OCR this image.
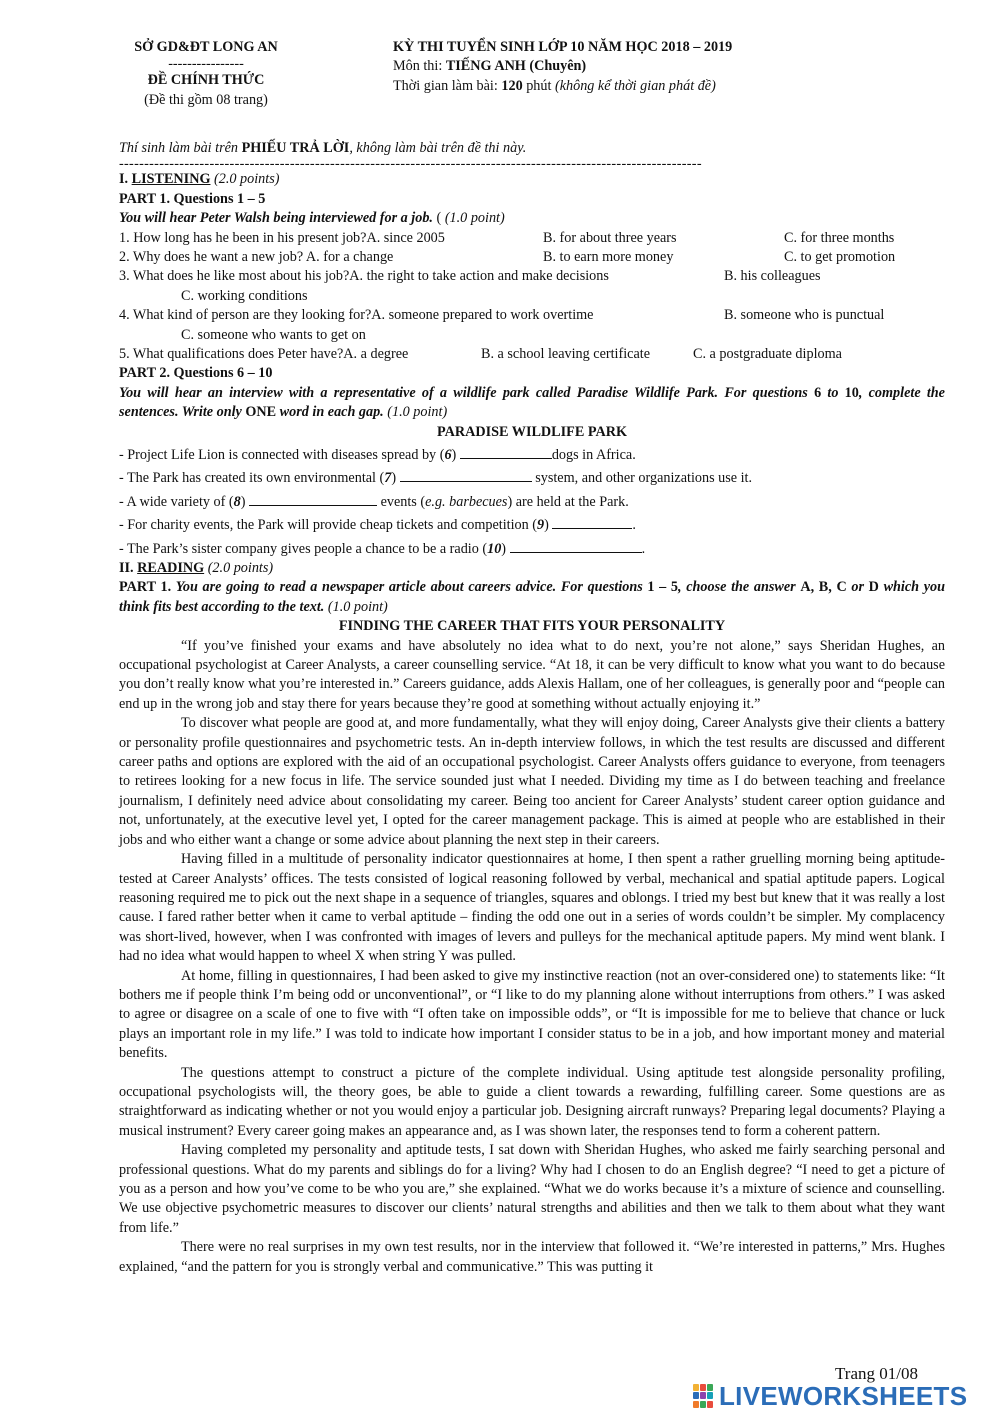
SỞ GD&ĐT LONG AN
----------------
ĐỀ CHÍNH THỨC
(Đề thi gồm 08 trang)
KỲ THI TUYỂN SINH LỚP 10 NĂM HỌC 2018 – 2019
Môn thi: TIẾNG ANH (Chuyên)
Thời gian làm bài: 120 phút (không kể thời gian phát đề)
Thí sinh làm bài trên PHIẾU TRẢ LỜI, không làm bài trên đề thi này.
--------------------------------------------------------------------------------------------------------------------
I. LISTENING (2.0 points)
PART 1. Questions 1 – 5
You will hear Peter Walsh being interviewed for a job. ( (1.0 point)
1. How long has he been in his present job?A. since 2005	B. for about three years	C. for three months
2. Why does he want a new job? A. for a change	B. to earn more money	C. to get promotion
3. What does he like most about his job?A. the right to take action and make decisions	B. his colleagues
C. working conditions
4. What kind of person are they looking for?A. someone prepared to work overtime	B. someone who is punctual
C. someone who wants to get on
5. What qualifications does Peter have?A. a degree	B. a school leaving certificate	C. a postgraduate diploma
PART 2. Questions 6 – 10
You will hear an interview with a representative of a wildlife park called Paradise Wildlife Park. For questions 6 to 10, complete the sentences. Write only ONE word in each gap. (1.0 point)
PARADISE WILDLIFE PARK
- Project Life Lion is connected with diseases spread by (6)	dogs in Africa.
- The Park has created its own environmental (7)	system, and other organizations use it.
- A wide variety of (8)	events (e.g. barbecues) are held at the Park.
- For charity events, the Park will provide cheap tickets and competition (9)	.
- The Park’s sister company gives people a chance to be a radio (10)	.
II. READING (2.0 points)
PART 1. You are going to read a newspaper article about careers advice. For questions 1 – 5, choose the answer A, B, C or D which you think fits best according to the text. (1.0 point)
FINDING THE CAREER THAT FITS YOUR PERSONALITY

“If you’ve finished your exams and have absolutely no idea what to do next, you’re not alone,” says Sheridan Hughes, an occupational psychologist at Career Analysts, a career counselling service. “At 18, it can be very difficult to know what you want to do because you don’t really know what you’re interested in.” Careers guidance, adds Alexis Hallam, one of her colleagues, is generally poor and “people can end up in the wrong job and stay there for years because they’re good at something without actually enjoying it.”

To discover what people are good at, and more fundamentally, what they will enjoy doing, Career Analysts give their clients a battery or personality profile questionnaires and psychometric tests. An in-depth interview follows, in which the test results are discussed and different career paths and options are explored with the aid of an occupational psychologist. Career Analysts offers guidance to everyone, from teenagers to retirees looking for a new focus in life. The service sounded just what I needed. Dividing my time as I do between teaching and freelance journalism, I definitely need advice about consolidating my career. Being too ancient for Career Analysts’ student career option guidance and not, unfortunately, at the executive level yet, I opted for the career management package. This is aimed at people who are established in their jobs and who either want a change or some advice about planning the next step in their careers.

Having filled in a multitude of personality indicator questionnaires at home, I then spent a rather gruelling morning being aptitude-tested at Career Analysts’ offices. The tests consisted of logical reasoning followed by verbal, mechanical and spatial aptitude papers. Logical reasoning required me to pick out the next shape in a sequence of triangles, squares and oblongs. I tried my best but knew that it was really a lost cause. I fared rather better when it came to verbal aptitude – finding the odd one out in a series of words couldn’t be simpler. My complacency was short-lived, however, when I was confronted with images of levers and pulleys for the mechanical aptitude papers. My mind went blank. I had no idea what would happen to wheel X when string Y was pulled.

At home, filling in questionnaires, I had been asked to give my instinctive reaction (not an over-considered one) to statements like: “It bothers me if people think I’m being odd or unconventional”, or “I like to do my planning alone without interruptions from others.” I was asked to agree or disagree on a scale of one to five with “I often take on impossible odds”, or “It is impossible for me to believe that chance or luck plays an important role in my life.” I was told to indicate how important I consider status to be in a job, and how important money and material benefits.

The questions attempt to construct a picture of the complete individual. Using aptitude test alongside personality profiling, occupational psychologists will, the theory goes, be able to guide a client towards a rewarding, fulfilling career. Some questions are as straightforward as indicating whether or not you would enjoy a particular job. Designing aircraft runways? Preparing legal documents? Playing a musical instrument? Every career going makes an appearance and, as I was shown later, the responses tend to form a coherent pattern.

Having completed my personality and aptitude tests, I sat down with Sheridan Hughes, who asked me fairly searching personal and professional questions. What do my parents and siblings do for a living? Why had I chosen to do an English degree? “I need to get a picture of you as a person and how you’ve come to be who you are,” she explained. “What we do works because it’s a mixture of science and counselling. We use objective psychometric measures to discover our clients’ natural strengths and abilities and then we talk to them about what they want from life.”

There were no real surprises in my own test results, nor in the interview that followed it. “We’re interested in patterns,” Mrs. Hughes explained, “and the pattern for you is strongly verbal and communicative.” This was putting it

Trang 01/08
LIVEWORKSHEETS
